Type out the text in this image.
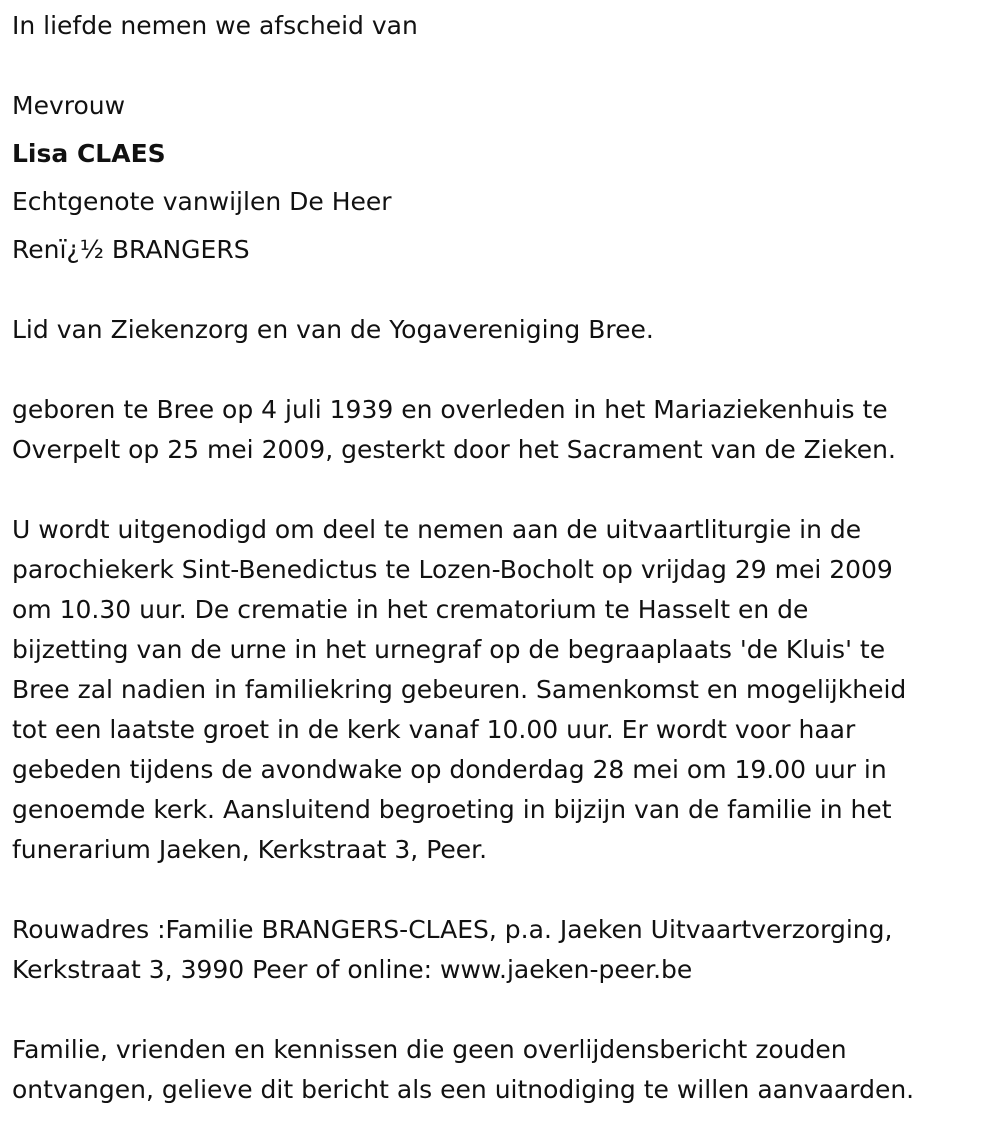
In liefde nemen we afscheid van
Mevrouw
Lisa CLAES
Echtgenote vanwijlen De Heer
Renï¿½ BRANGERS
Lid van Ziekenzorg en van de Yogavereniging Bree.
geboren te Bree op 4 juli 1939 en overleden in het Mariaziekenhuis te
Overpelt op 25 mei 2009, gesterkt door het Sacrament van de Zieken.
U wordt uitgenodigd om deel te nemen aan de uitvaartliturgie in de
parochiekerk Sint-Benedictus te Lozen-Bocholt op vrijdag 29 mei 2009
om 10.30 uur. De crematie in het crematorium te Hasselt en de
bijzetting van de urne in het urnegraf op de begraaplaats 'de Kluis' te
Bree zal nadien in familiekring gebeuren. Samenkomst en mogelijkheid
tot een laatste groet in de kerk vanaf 10.00 uur. Er wordt voor haar
gebeden tijdens de avondwake op donderdag 28 mei om 19.00 uur in
genoemde kerk. Aansluitend begroeting in bijzijn van de familie in het
funerarium Jaeken, Kerkstraat 3, Peer.
Rouwadres :Familie BRANGERS-CLAES, p.a. Jaeken Uitvaartverzorging,
Kerkstraat 3, 3990 Peer of online: www.jaeken-peer.be
Familie, vrienden en kennissen die geen overlijdensbericht zouden
ontvangen, gelieve dit bericht als een uitnodiging te willen aanvaarden.
